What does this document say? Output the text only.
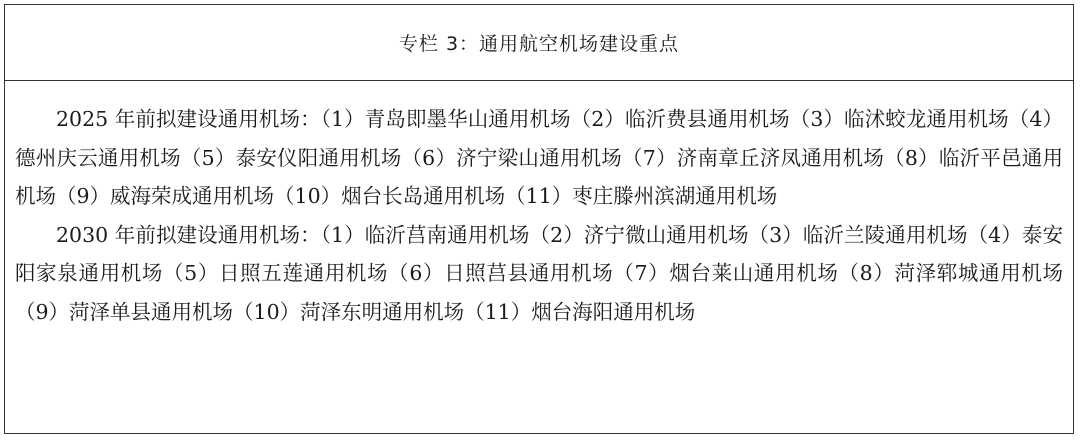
专栏 3：通用航空机场建设重点

2025 年前拟建设通用机场：（1）青岛即墨华山通用机场（2）临沂费县通用机场（3）临沭蛟龙通用机场（4）德州庆云通用机场（5）泰安仪阳通用机场（6）济宁梁山通用机场（7）济南章丘济凤通用机场（8）临沂平邑通用机场（9）威海荣成通用机场（10）烟台长岛通用机场（11）枣庄滕州滨湖通用机场

2030 年前拟建设通用机场：（1）临沂莒南通用机场（2）济宁微山通用机场（3）临沂兰陵通用机场（4）泰安阳家泉通用机场（5）日照五莲通用机场（6）日照莒县通用机场（7）烟台莱山通用机场（8）菏泽郓城通用机场（9）菏泽单县通用机场（10）菏泽东明通用机场（11）烟台海阳通用机场
